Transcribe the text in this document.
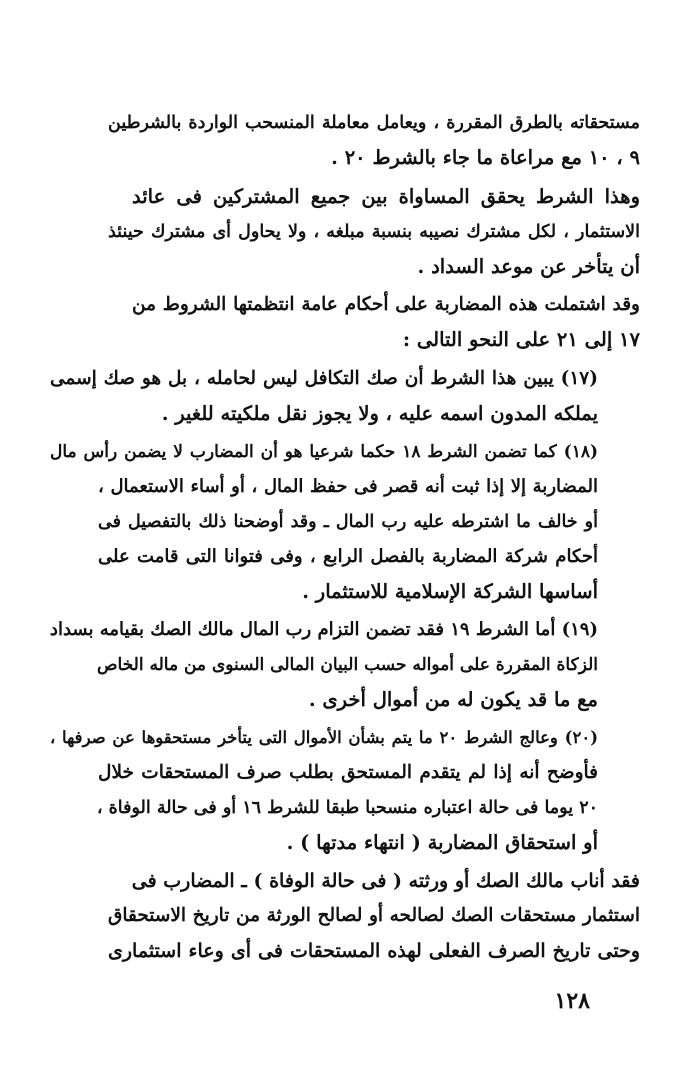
مستحقاته بالطرق المقررة ، ويعامل معاملة المنسحب الواردة بالشرطين
٩ ، ١٠ مع مراعاة ما جاء بالشرط ٢٠ .
وهذا الشرط يحقق المساواة بين جميع المشتركين فى عائد
الاستثمار ، لكل مشترك نصيبه بنسبة مبلغه ، ولا يحاول أى مشترك حينئذ
أن يتأخر عن موعد السداد .
وقد اشتملت هذه المضاربة على أحكام عامة انتظمتها الشروط من
١٧ إلى ٢١ على النحو التالى :
(١٧) يبين هذا الشرط أن صك التكافل ليس لحامله ، بل هو صك إسمى
يملكه المدون اسمه عليه ، ولا يجوز نقل ملكيته للغير .
(١٨) كما تضمن الشرط ١٨ حكما شرعيا هو أن المضارب لا يضمن رأس مال
المضاربة إلا إذا ثبت أنه قصر فى حفظ المال ، أو أساء الاستعمال ،
أو خالف ما اشترطه عليه رب المال ـ وقد أوضحنا ذلك بالتفصيل فى
أحكام شركة المضاربة بالفصل الرابع ، وفى فتوانا التى قامت على
أساسها الشركة الإسلامية للاستثمار .
(١٩) أما الشرط ١٩ فقد تضمن التزام رب المال مالك الصك بقيامه بسداد
الزكاة المقررة على أمواله حسب البيان المالى السنوى من ماله الخاص
مع ما قد يكون له من أموال أخرى .
(٢٠) وعالج الشرط ٢٠ ما يتم بشأن الأموال التى يتأخر مستحقوها عن صرفها ،
فأوضح أنه إذا لم يتقدم المستحق بطلب صرف المستحقات خلال
٢٠ يوما فى حالة اعتباره منسحبا طبقا للشرط ١٦ أو فى حالة الوفاة ،
أو استحقاق المضاربة ( انتهاء مدتها ) .
فقد أناب مالك الصك أو ورثته ( فى حالة الوفاة ) ـ المضارب فى
استثمار مستحقات الصك لصالحه أو لصالح الورثة من تاريخ الاستحقاق
وحتى تاريخ الصرف الفعلى لهذه المستحقات فى أى وعاء استثمارى
١٢٨
